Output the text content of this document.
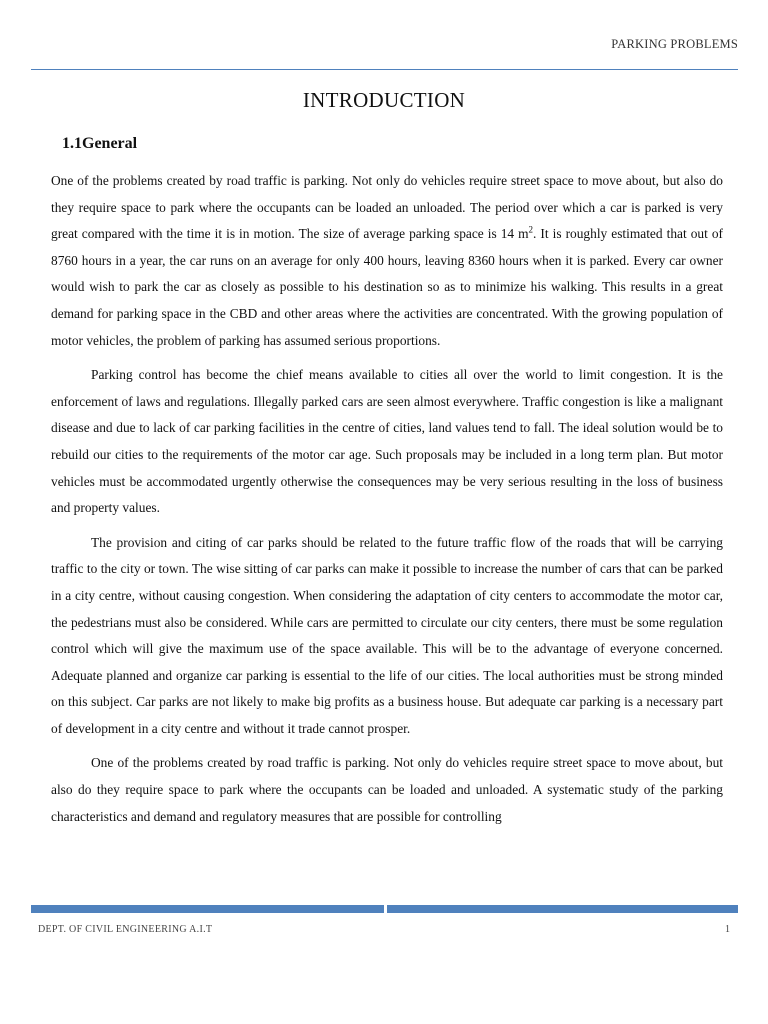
PARKING PROBLEMS
INTRODUCTION
1.1General

One of the problems created by road traffic is parking. Not only do vehicles require street space to move about, but also do they require space to park where the occupants can be loaded an unloaded. The period over which a car is parked is very great compared with the time it is in motion. The size of average parking space is 14 $m^2$. It is roughly estimated that out of 8760 hours in a year, the car runs on an average for only 400 hours, leaving 8360 hours when it is parked. Every car owner would wish to park the car as closely as possible to his destination so as to minimize his walking. This results in a great demand for parking space in the CBD and other areas where the activities are concentrated. With the growing population of motor vehicles, the problem of parking has assumed serious proportions.

Parking control has become the chief means available to cities all over the world to limit congestion. It is the enforcement of laws and regulations. Illegally parked cars are seen almost everywhere. Traffic congestion is like a malignant disease and due to lack of car parking facilities in the centre of cities, land values tend to fall. The ideal solution would be to rebuild our cities to the requirements of the motor car age. Such proposals may be included in a long term plan. But motor vehicles must be accommodated urgently otherwise the consequences may be very serious resulting in the loss of business and property values.

The provision and citing of car parks should be related to the future traffic flow of the roads that will be carrying traffic to the city or town. The wise sitting of car parks can make it possible to increase the number of cars that can be parked in a city centre, without causing congestion. When considering the adaptation of city centers to accommodate the motor car, the pedestrians must also be considered. While cars are permitted to circulate our city centers, there must be some regulation control which will give the maximum use of the space available. This will be to the advantage of everyone concerned. Adequate planned and organize car parking is essential to the life of our cities. The local authorities must be strong minded on this subject. Car parks are not likely to make big profits as a business house. But adequate car parking is a necessary part of development in a city centre and without it trade cannot prosper.

One of the problems created by road traffic is parking. Not only do vehicles require street space to move about, but also do they require space to park where the occupants can be loaded and unloaded. A systematic study of the parking characteristics and demand and regulatory measures that are possible for controlling

DEPT. OF CIVIL ENGINEERING A.I.T	1
